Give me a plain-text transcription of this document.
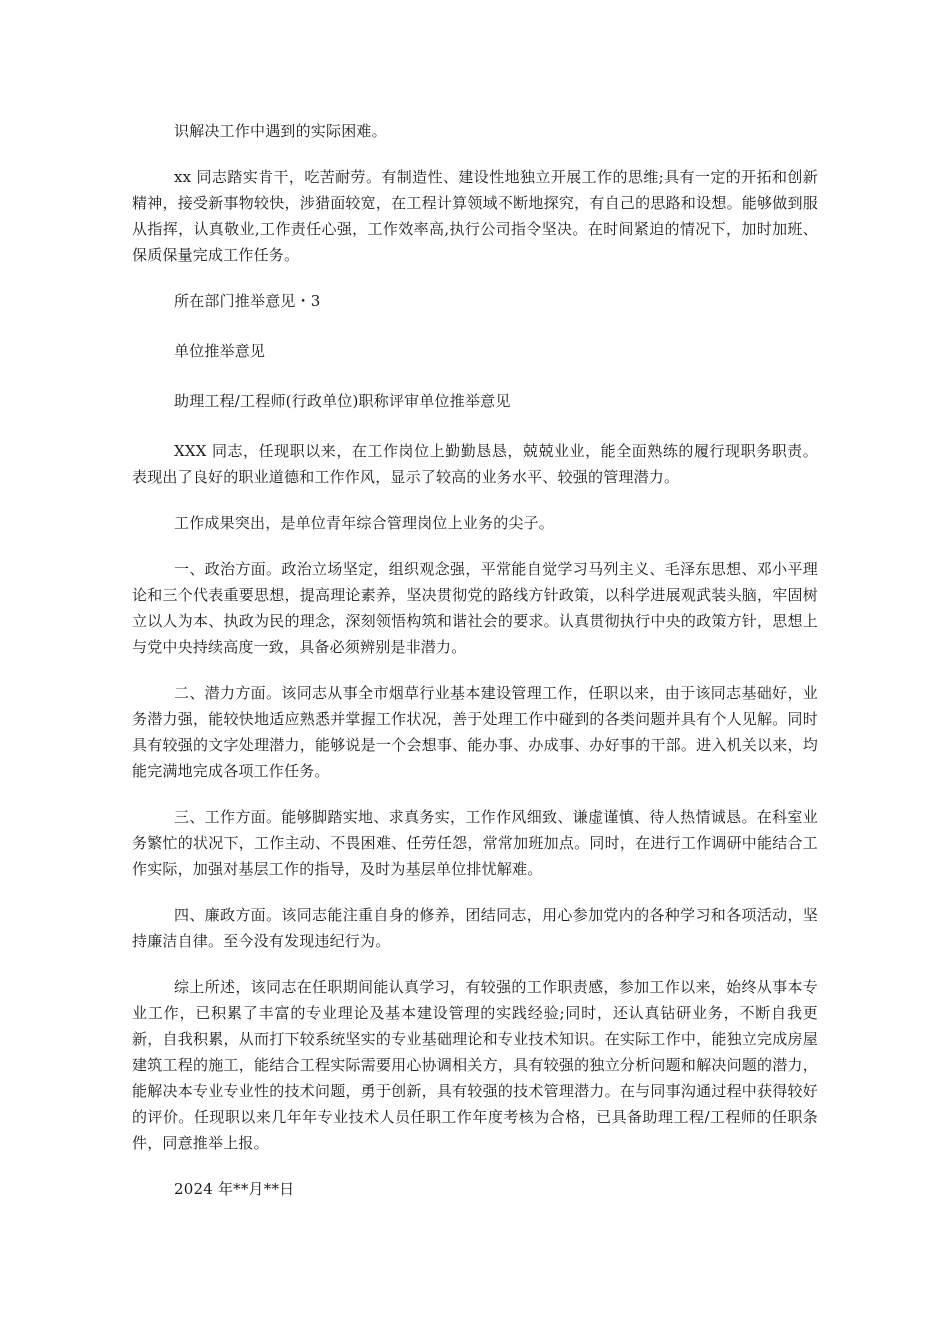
识解决工作中遇到的实际困难。

xx 同志踏实肯干，吃苦耐劳。有制造性、建设性地独立开展工作的思维;具有一定的开拓和创新精神，接受新事物较快，涉猎面较宽，在工程计算领域不断地探究，有自己的思路和设想。能够做到服从指挥，认真敬业,工作责任心强，工作效率高,执行公司指令坚决。在时间紧迫的情况下，加时加班、保质保量完成工作任务。

所在部门推举意见・3

单位推举意见

助理工程/工程师(行政单位)职称评审单位推举意见

XXX 同志，任现职以来，在工作岗位上勤勤恳恳，兢兢业业，能全面熟练的履行现职务职责。表现出了良好的职业道德和工作作风，显示了较高的业务水平、较强的管理潜力。

工作成果突出，是单位青年综合管理岗位上业务的尖子。

一、政治方面。政治立场坚定，组织观念强，平常能自觉学习马列主义、毛泽东思想、邓小平理论和三个代表重要思想，提高理论素养，坚决贯彻党的路线方针政策，以科学进展观武装头脑，牢固树立以人为本、执政为民的理念，深刻领悟构筑和谐社会的要求。认真贯彻执行中央的政策方针，思想上与党中央持续高度一致，具备必须辨别是非潜力。

二、潜力方面。该同志从事全市烟草行业基本建设管理工作，任职以来，由于该同志基础好，业务潜力强，能较快地适应熟悉并掌握工作状况，善于处理工作中碰到的各类问题并具有个人见解。同时具有较强的文字处理潜力，能够说是一个会想事、能办事、办成事、办好事的干部。进入机关以来，均能完满地完成各项工作任务。

三、工作方面。能够脚踏实地、求真务实，工作作风细致、谦虚谨慎、待人热情诚恳。在科室业务繁忙的状况下，工作主动、不畏困难、任劳任怨，常常加班加点。同时，在进行工作调研中能结合工作实际，加强对基层工作的指导，及时为基层单位排忧解难。

四、廉政方面。该同志能注重自身的修养，团结同志，用心参加党内的各种学习和各项活动，坚持廉洁自律。至今没有发现违纪行为。

综上所述，该同志在任职期间能认真学习，有较强的工作职责感，参加工作以来，始终从事本专业工作，已积累了丰富的专业理论及基本建设管理的实践经验;同时，还认真钻研业务，不断自我更新，自我积累，从而打下较系统坚实的专业基础理论和专业技术知识。在实际工作中，能独立完成房屋建筑工程的施工，能结合工程实际需要用心协调相关方，具有较强的独立分析问题和解决问题的潜力，能解决本专业专业性的技术问题，勇于创新，具有较强的技术管理潜力。在与同事沟通过程中获得较好的评价。任现职以来几年年专业技术人员任职工作年度考核为合格，已具备助理工程/工程师的任职条件，同意推举上报。

2024 年**月**日
